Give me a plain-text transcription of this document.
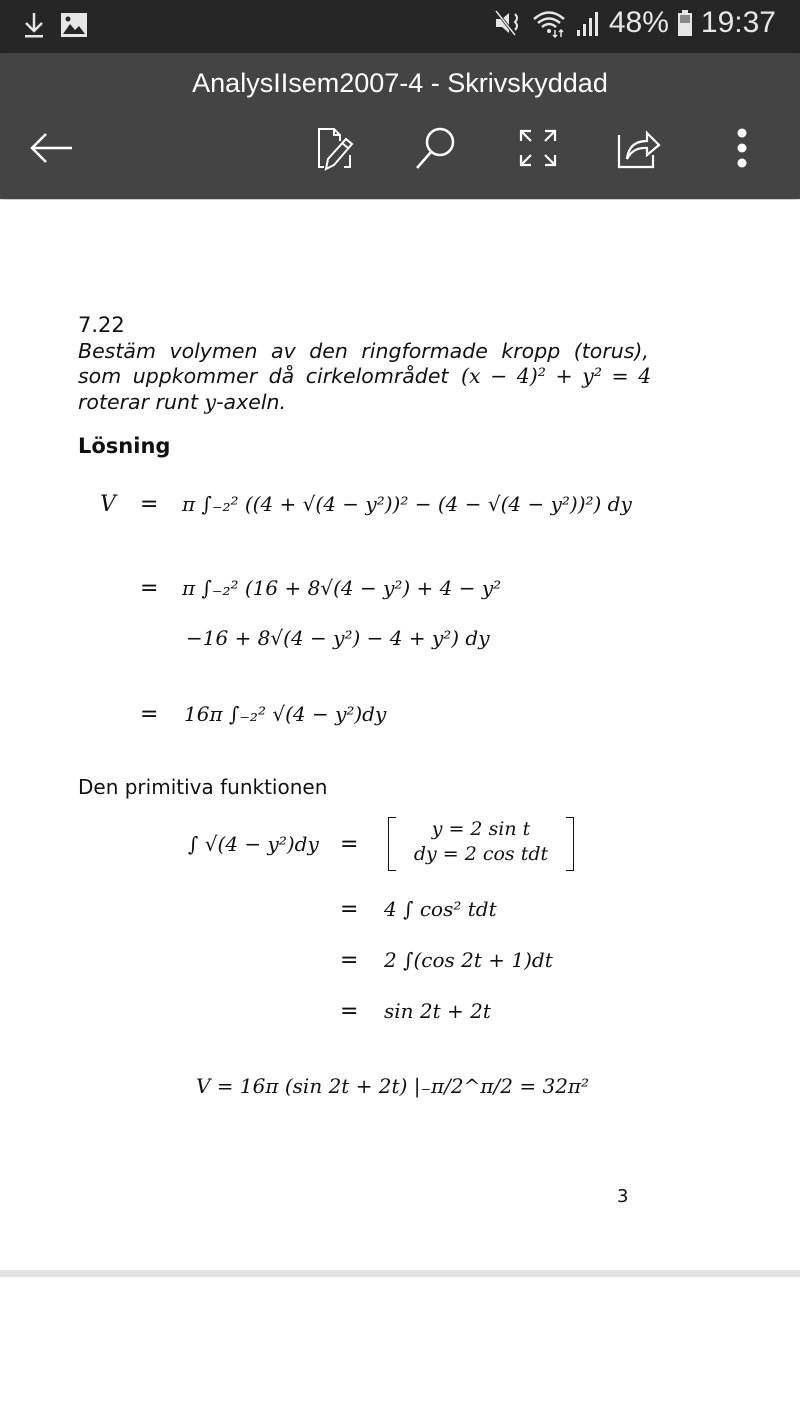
48% 19:37
AnalysIIsem2007-4 - Skrivskyddad
7.22
Bestäm volymen av den ringformade kropp (torus),
som uppkommer då cirkelområdet (x − 4)² + y² = 4
roterar runt y-axeln.
Lösning
V = π ∫₋₂² ((4 + √(4 − y²))² − (4 − √(4 − y²))²) dy
= π ∫₋₂² (16 + 8√(4 − y²) + 4 − y²
−16 + 8√(4 − y²) − 4 + y²) dy
= 16π ∫₋₂² √(4 − y²)dy
Den primitiva funktionen
∫ √(4 − y²)dy =
y = 2 sin t
dy = 2 cos tdt
= 4 ∫ cos² tdt
= 2 ∫(cos 2t + 1)dt
= sin 2t + 2t
V = 16π (sin 2t + 2t) |₋π/2^π/2 = 32π²
3
